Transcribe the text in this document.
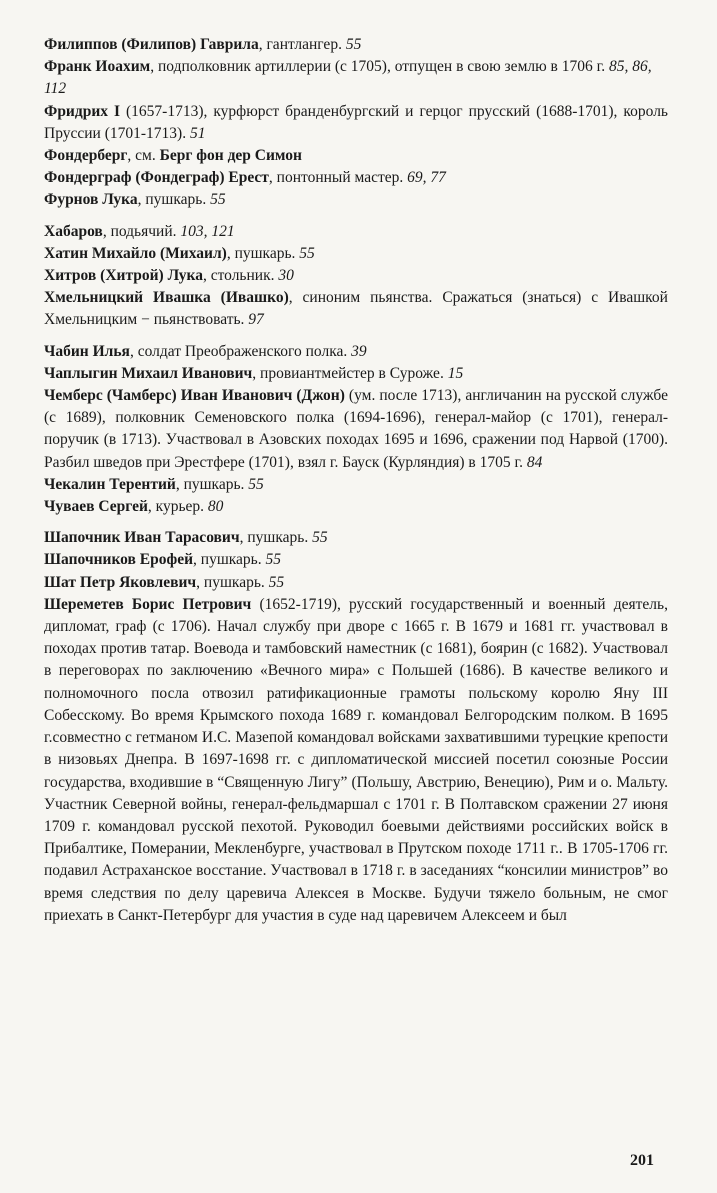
Филиппов (Филипов) Гаврила, гантлангер. 55

Франк Иоахим, подполковник артиллерии (с 1705), отпущен в свою землю в 1706 г. 85, 86, 112

Фридрих I (1657-1713), курфюрст бранденбургский и герцог прусский (1688-1701), король Пруссии (1701-1713). 51

Фондерберг, см. Берг фон дер Симон

Фондерграф (Фондеграф) Ерест, понтонный мастер. 69, 77

Фурнов Лука, пушкарь. 55

Хабаров, подьячий. 103, 121

Хатин Михайло (Михаил), пушкарь. 55

Хитров (Хитрой) Лука, стольник. 30

Хмельницкий Ивашка (Ивашко), синоним пьянства. Сражаться (знаться) с Ивашкой Хмельницким − пьянствовать. 97

Чабин Илья, солдат Преображенского полка. 39

Чаплыгин Михаил Иванович, провиантмейстер в Суроже. 15

Чемберс (Чамберс) Иван Иванович (Джон) (ум. после 1713), англичанин на русской службе (с 1689), полковник Семеновского полка (1694-1696), генерал-майор (с 1701), генерал-поручик (в 1713). Участвовал в Азовских походах 1695 и 1696, сражении под Нарвой (1700). Разбил шведов при Эрестфере (1701), взял г. Бауск (Курляндия) в 1705 г. 84

Чекалин Терентий, пушкарь. 55

Чуваев Сергей, курьер. 80

Шапочник Иван Тарасович, пушкарь. 55

Шапочников Ерофей, пушкарь. 55

Шат Петр Яковлевич, пушкарь. 55

Шереметев Борис Петрович (1652-1719), русский государственный и военный деятель, дипломат, граф (с 1706). Начал службу при дворе с 1665 г. В 1679 и 1681 гг. участвовал в походах против татар. Воевода и тамбовский наместник (с 1681), боярин (с 1682). Участвовал в переговорах по заключению «Вечного мира» с Польшей (1686). В качестве великого и полномочного посла отвозил ратификационные грамоты польскому королю Яну III Собесскому. Во время Крымского похода 1689 г. командовал Белгородским полком. В 1695 г.совместно с гетманом И.С. Мазепой командовал войсками захватившими турецкие крепости в низовьях Днепра. В 1697-1698 гг. с дипломатической миссией посетил союзные России государства, входившие в “Священную Лигу” (Польшу, Австрию, Венецию), Рим и о. Мальту. Участник Северной войны, генерал-фельдмаршал с 1701 г. В Полтавском сражении 27 июня 1709 г. командовал русской пехотой. Руководил боевыми действиями российских войск в Прибалтике, Померании, Мекленбурге, участвовал в Прутском походе 1711 г.. В 1705-1706 гг. подавил Астраханское восстание. Участвовал в 1718 г. в заседаниях “консилии министров” во время следствия по делу царевича Алексея в Москве. Будучи тяжело больным, не смог приехать в Санкт-Петербург для участия в суде над царевичем Алексеем и был

201
